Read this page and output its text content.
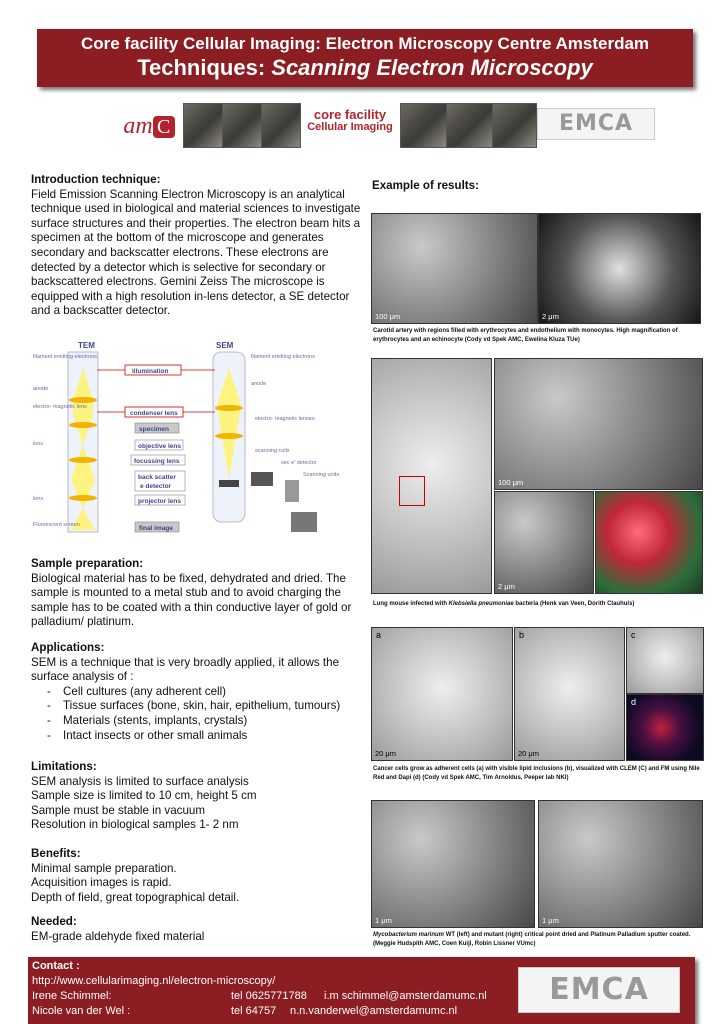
Core facility Cellular Imaging: Electron Microscopy Centre Amsterdam
Techniques: Scanning Electron Microscopy
am C
core facility
Cellular Imaging	EMCA
Introduction technique:
Field Emission Scanning Electron Microscopy is an analytical technique used in biological and material sciences to investigate surface structures and their properties. The electron beam hits a specimen at the bottom of the microscope and generates secondary and backscatter electrons. These electrons are detected by a detector which is selective for secondary or backscattered electrons. Gemini Zeiss The microscope is equipped with a high resolution in-lens detector, a SE detector and a backscatter detector.
TEM
filament emitting electrons
anode
electro- magnetic lens
lens
lens
Fluorescent screen
SEM
filament emitting electrons
anode
electro- magnetic lenses
scanning coils
sec e' detector
Scanning units
illumination
condenser lens
specimen
objective lens
focussing lens
back scatter
e detector
projector lens
final image
Sample preparation:
Biological material has to be fixed, dehydrated and dried. The sample is mounted to a metal stub and to avoid charging the sample has to be coated with a thin conductive layer of gold or palladium/ platinum.
Applications:
SEM is a technique that is very broadly applied, it allows the surface analysis of :
- Cell cultures (any adherent cell)
- Tissue surfaces (bone, skin, hair, epithelium, tumours)
- Materials (stents, implants, crystals)
- Intact insects or other small animals
Limitations:
SEM analysis is limited to surface analysis
Sample size is limited to 10 cm, height 5 cm
Sample must be stable in vacuum
Resolution in biological samples 1- 2 nm
Benefits:
Minimal sample preparation.
Acquisition images is rapid.
Depth of field, great topographical detail.
Needed:
EM-grade aldehyde fixed material
Example of results:
100 μm	2 μm
Carotid artery with regions filled with erythrocytes and endothelium with monocytes. High magnification of erythrocytes and an echinocyte (Cody vd Spek AMC, Ewelina Kluza TUe)
100 μm
2 μm
Lung mouse infected with Klebsiella pneumoniae bacteria (Henk van Veen, Dorith Clauhuis)
a
20 μm
b
20 μm
c
d
Cancer cells grow as adherent cells (a) with visible lipid inclusions (b), visualized with CLEM (C) and FM using Nile Red and Dapi (d) (Cody vd Spek AMC, Tim Arnoldus, Peeper lab NKI)
1 μm	1 μm
Mycobacterium marinum WT (left) and mutant (right) critical point dried and Platinum Palladium sputter coated. (Meggie Hudspith AMC, Coen Kuijl, Robin Lissner VUmc)
Contact :
http://www.cellularimaging.nl/electron-microscopy/
Irene Schimmel:	tel 0625771788 i.m schimmel@amsterdamumc.nl
Nicole van der Wel :	tel 64757 n.n.vanderwel@amsterdamumc.nl
EMCA
